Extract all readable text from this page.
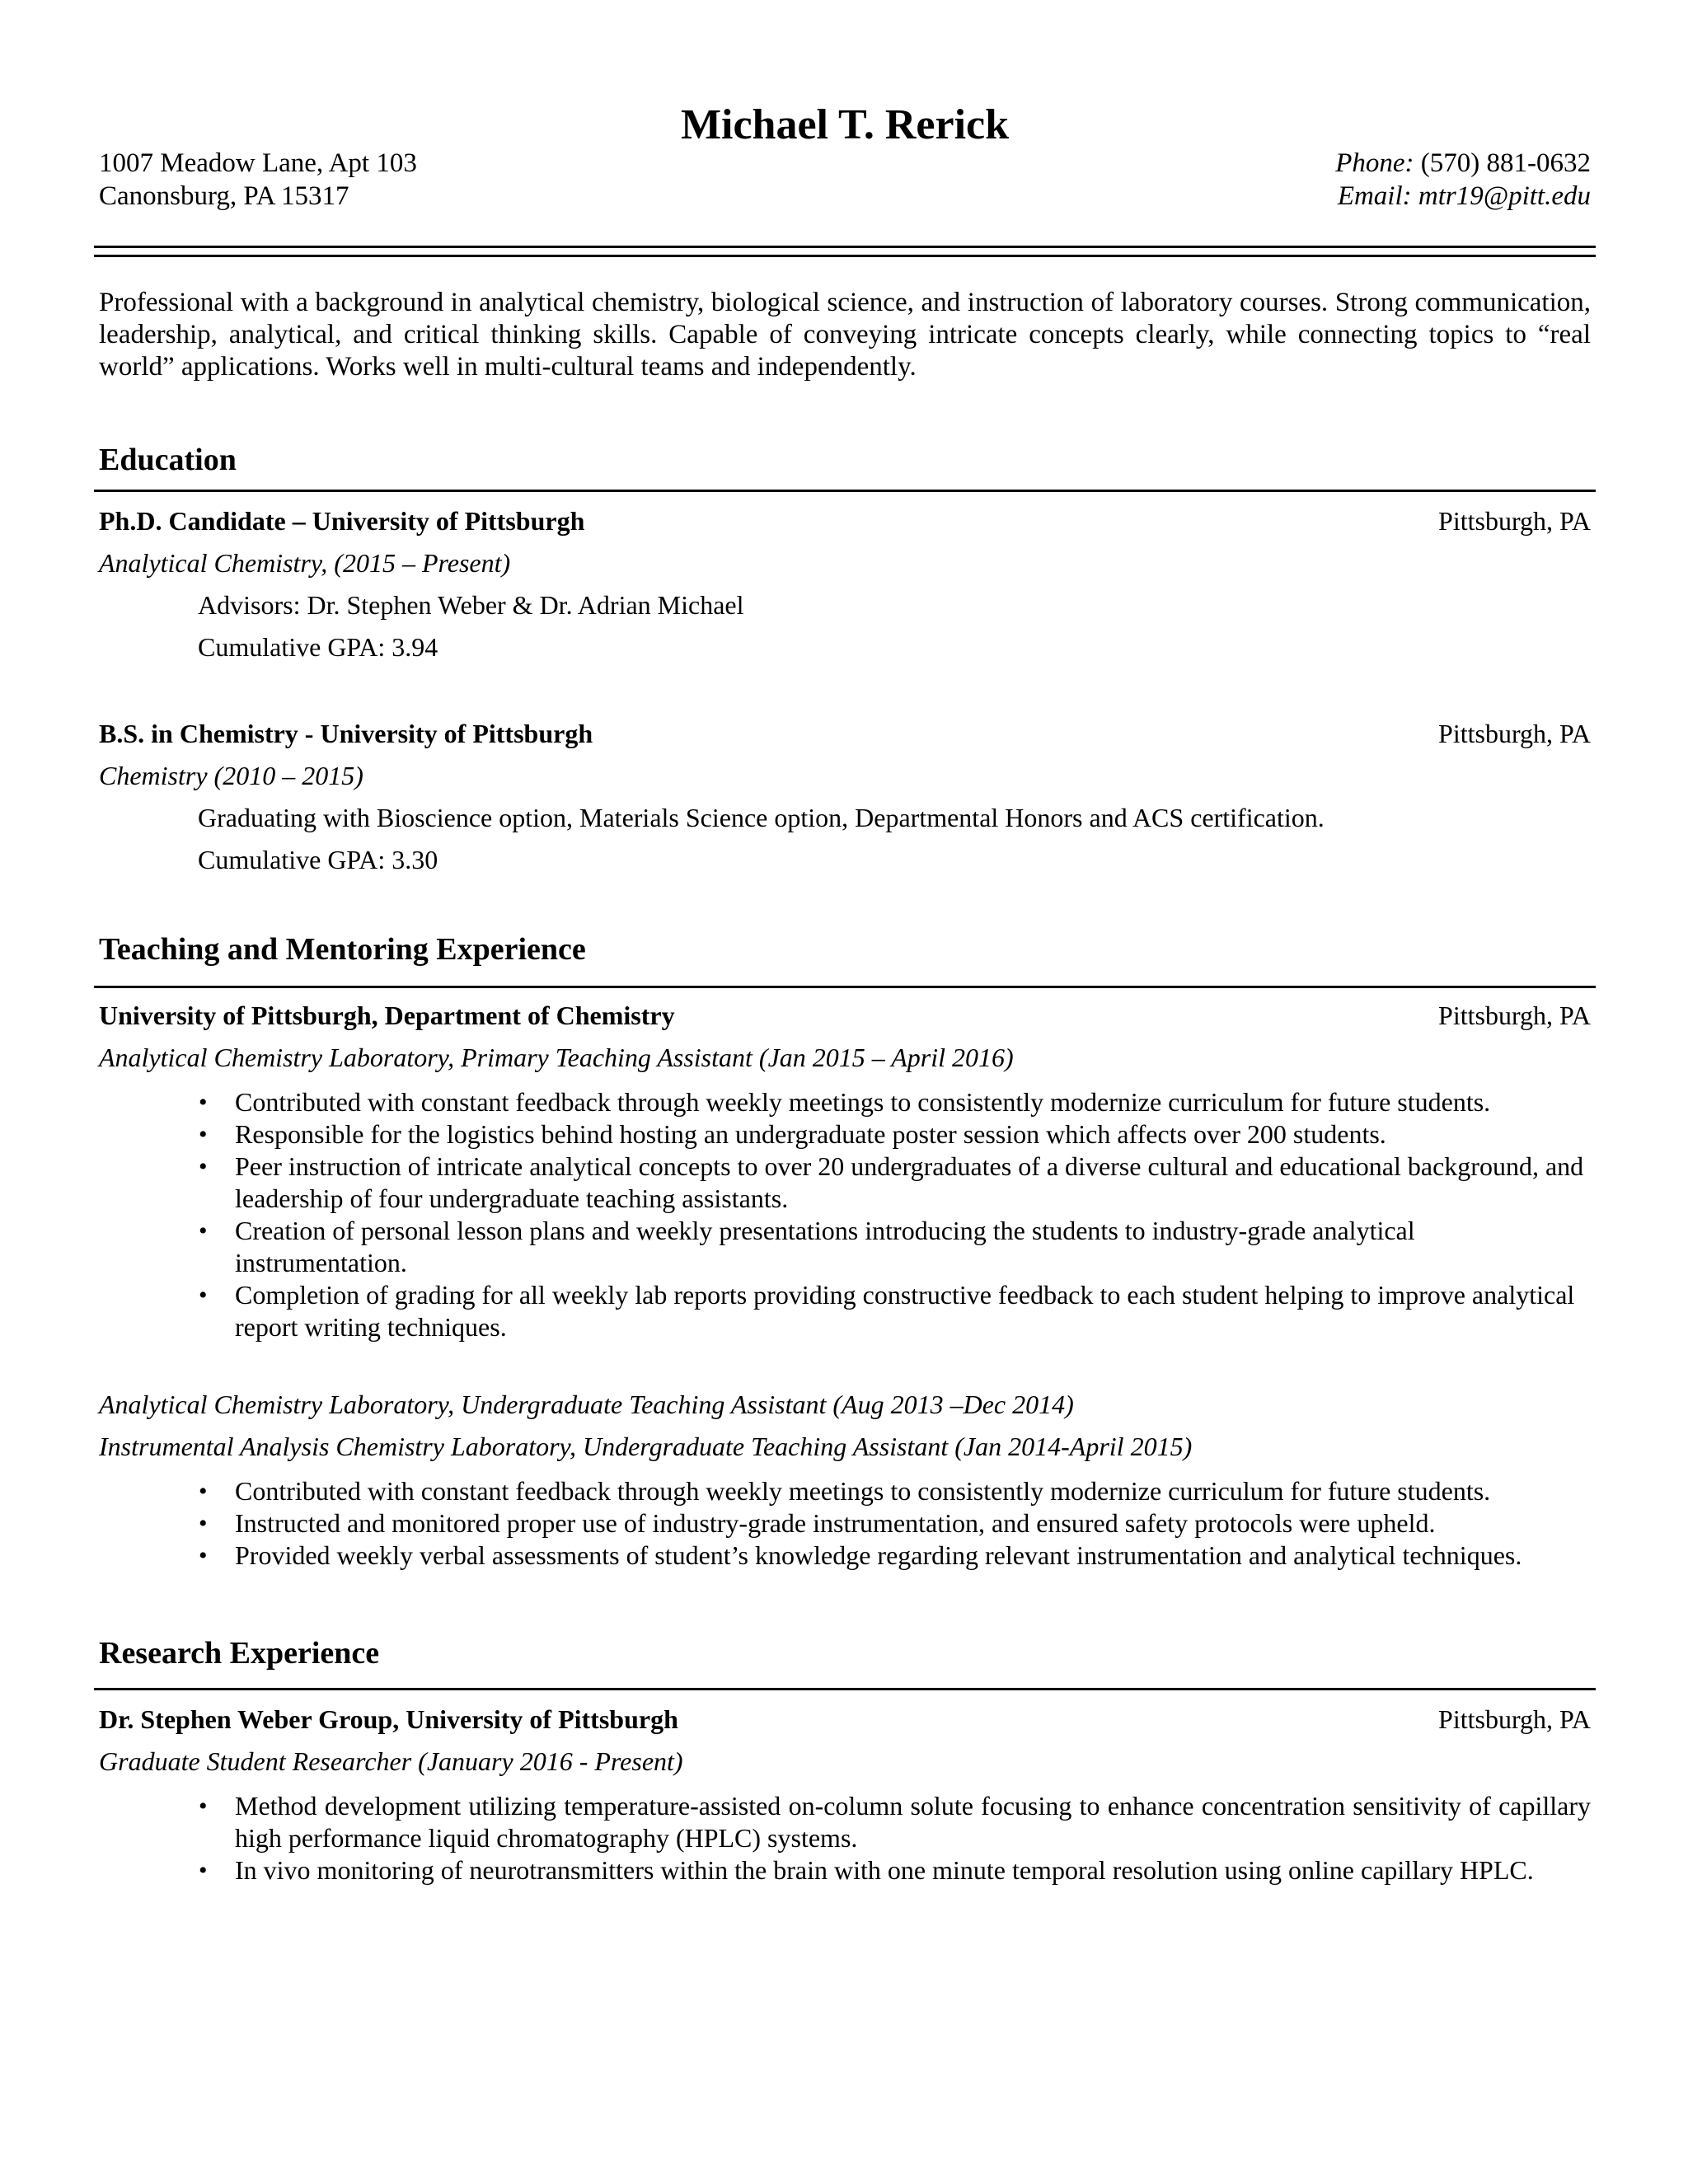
Michael T. Rerick
1007 Meadow Lane, Apt 103
Canonsburg, PA 15317
Phone: (570) 881-0632
Email: mtr19@pitt.edu
Professional with a background in analytical chemistry, biological science, and instruction of laboratory courses. Strong communication, leadership, analytical, and critical thinking skills. Capable of conveying intricate concepts clearly, while connecting topics to “real world” applications. Works well in multi-cultural teams and independently.
Education
Ph.D. Candidate – University of Pittsburgh	Pittsburgh, PA
Analytical Chemistry, (2015 – Present)
Advisors: Dr. Stephen Weber & Dr. Adrian Michael
Cumulative GPA: 3.94
B.S. in Chemistry - University of Pittsburgh	Pittsburgh, PA
Chemistry (2010 – 2015)
Graduating with Bioscience option, Materials Science option, Departmental Honors and ACS certification.
Cumulative GPA: 3.30
Teaching and Mentoring Experience
University of Pittsburgh, Department of Chemistry	Pittsburgh, PA
Analytical Chemistry Laboratory, Primary Teaching Assistant (Jan 2015 – April 2016)
• Contributed with constant feedback through weekly meetings to consistently modernize curriculum for future students.
• Responsible for the logistics behind hosting an undergraduate poster session which affects over 200 students.
• Peer instruction of intricate analytical concepts to over 20 undergraduates of a diverse cultural and educational background, and leadership of four undergraduate teaching assistants.
• Creation of personal lesson plans and weekly presentations introducing the students to industry-grade analytical instrumentation.
• Completion of grading for all weekly lab reports providing constructive feedback to each student helping to improve analytical report writing techniques.
Analytical Chemistry Laboratory, Undergraduate Teaching Assistant (Aug 2013 –Dec 2014)
Instrumental Analysis Chemistry Laboratory, Undergraduate Teaching Assistant (Jan 2014-April 2015)
• Contributed with constant feedback through weekly meetings to consistently modernize curriculum for future students.
• Instructed and monitored proper use of industry-grade instrumentation, and ensured safety protocols were upheld.
• Provided weekly verbal assessments of student’s knowledge regarding relevant instrumentation and analytical techniques.
Research Experience
Dr. Stephen Weber Group, University of Pittsburgh	Pittsburgh, PA
Graduate Student Researcher (January 2016 - Present)
• Method development utilizing temperature-assisted on-column solute focusing to enhance concentration sensitivity of capillary high performance liquid chromatography (HPLC) systems.
• In vivo monitoring of neurotransmitters within the brain with one minute temporal resolution using online capillary HPLC.
